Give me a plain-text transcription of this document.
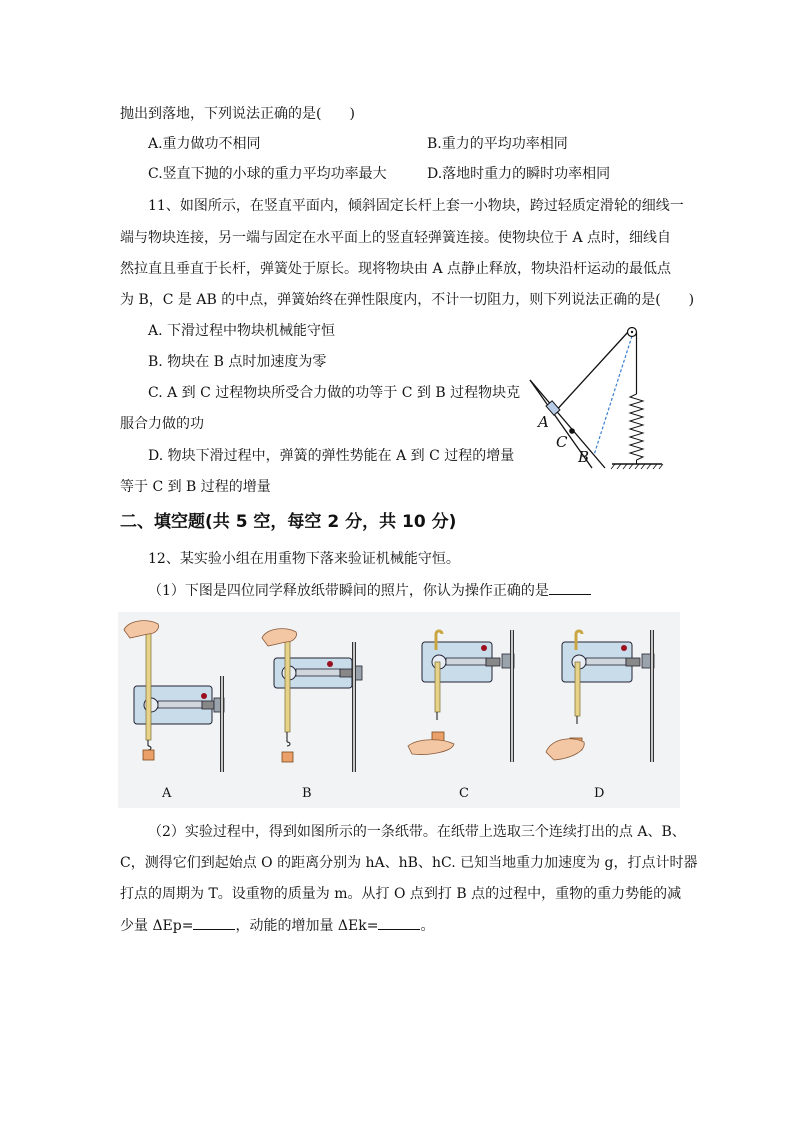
抛出到落地，下列说法正确的是(　　)
A.重力做功不相同	B.重力的平均功率相同
C.竖直下抛的小球的重力平均功率最大	D.落地时重力的瞬时功率相同
11、如图所示，在竖直平面内，倾斜固定长杆上套一小物块，跨过轻质定滑轮的细线一
端与物块连接，另一端与固定在水平面上的竖直轻弹簧连接。使物块位于 A 点时，细线自
然拉直且垂直于长杆，弹簧处于原长。现将物块由 A 点静止释放，物块沿杆运动的最低点
为 B，C 是 AB 的中点，弹簧始终在弹性限度内，不计一切阻力，则下列说法正确的是(　　)
A. 下滑过程中物块机械能守恒
B. 物块在 B 点时加速度为零
C. A 到 C 过程物块所受合力做的功等于 C 到 B 过程物块克
服合力做的功
D. 物块下滑过程中，弹簧的弹性势能在 A 到 C 过程的增量
等于 C 到 B 过程的增量
A
C
B
二、填空题(共 5 空，每空 2 分，共 10 分)
12、某实验小组在用重物下落来验证机械能守恒。
（1）下图是四位同学释放纸带瞬间的照片，你认为操作正确的是
A	B	C	D
（2）实验过程中，得到如图所示的一条纸带。在纸带上选取三个连续打出的点 A、B、
C，测得它们到起始点 O 的距离分别为 hA、hB、hC. 已知当地重力加速度为 g，打点计时器
打点的周期为 T。设重物的质量为 m。从打 O 点到打 B 点的过程中，重物的重力势能的减
少量 ΔEp=	，动能的增加量 ΔEk=	。
